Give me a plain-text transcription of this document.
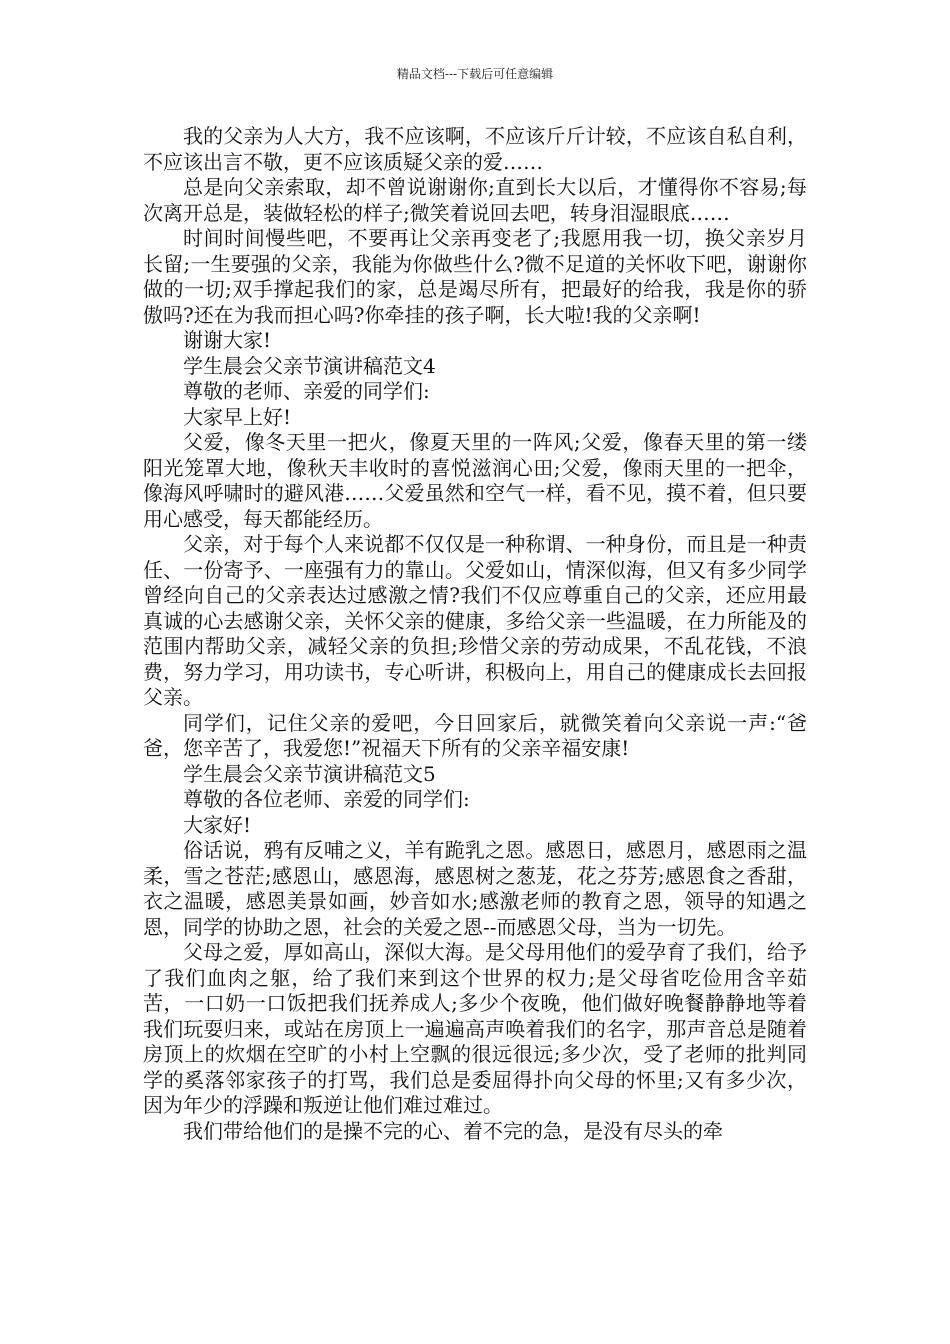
精品文档---下载后可任意编辑

我的父亲为人大方，我不应该啊，不应该斤斤计较，不应该自私自利，不应该出言不敬，更不应该质疑父亲的爱……

总是向父亲索取，却不曾说谢谢你;直到长大以后，才懂得你不容易;每次离开总是，装做轻松的样子;微笑着说回去吧，转身泪湿眼底……

时间时间慢些吧，不要再让父亲再变老了;我愿用我一切，换父亲岁月长留;一生要强的父亲，我能为你做些什么?微不足道的关怀收下吧，谢谢你做的一切;双手撑起我们的家，总是竭尽所有，把最好的给我，我是你的骄傲吗?还在为我而担心吗?你牵挂的孩子啊，长大啦!我的父亲啊!

谢谢大家!

学生晨会父亲节演讲稿范文4

尊敬的老师、亲爱的同学们:

大家早上好!

父爱，像冬天里一把火，像夏天里的一阵风;父爱，像春天里的第一缕阳光笼罩大地，像秋天丰收时的喜悦滋润心田;父爱，像雨天里的一把伞，像海风呼啸时的避风港……父爱虽然和空气一样，看不见，摸不着，但只要用心感受，每天都能经历。

父亲，对于每个人来说都不仅仅是一种称谓、一种身份，而且是一种责任、一份寄予、一座强有力的靠山。父爱如山，情深似海，但又有多少同学曾经向自己的父亲表达过感激之情?我们不仅应尊重自己的父亲，还应用最真诚的心去感谢父亲，关怀父亲的健康，多给父亲一些温暖，在力所能及的范围内帮助父亲，减轻父亲的负担;珍惜父亲的劳动成果，不乱花钱，不浪费，努力学习，用功读书，专心听讲，积极向上，用自己的健康成长去回报父亲。

同学们，记住父亲的爱吧，今日回家后，就微笑着向父亲说一声:“爸爸，您辛苦了，我爱您!”祝福天下所有的父亲辛福安康!

学生晨会父亲节演讲稿范文5

尊敬的各位老师、亲爱的同学们:

大家好!

俗话说，鸦有反哺之义，羊有跪乳之恩。感恩日，感恩月，感恩雨之温柔，雪之苍茫;感恩山，感恩海，感恩树之葱茏，花之芬芳;感恩食之香甜，衣之温暖，感恩美景如画，妙音如水;感激老师的教育之恩，领导的知遇之恩，同学的协助之恩，社会的关爱之恩--而感恩父母，当为一切先。

父母之爱，厚如高山，深似大海。是父母用他们的爱孕育了我们，给予了我们血肉之躯，给了我们来到这个世界的权力;是父母省吃俭用含辛茹苦，一口奶一口饭把我们抚养成人;多少个夜晚，他们做好晚餐静静地等着我们玩耍归来，或站在房顶上一遍遍高声唤着我们的名字，那声音总是随着房顶上的炊烟在空旷的小村上空飘的很远很远;多少次，受了老师的批判同学的奚落邻家孩子的打骂，我们总是委屈得扑向父母的怀里;又有多少次，因为年少的浮躁和叛逆让他们难过难过。

我们带给他们的是操不完的心、着不完的急，是没有尽头的牵
